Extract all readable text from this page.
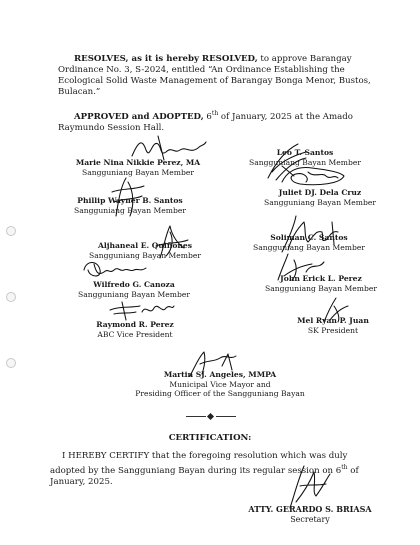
RESOLVES, as it is hereby RESOLVED, to approve Barangay
Ordinance No. 3, S-2024, entitled “An Ordinance Establishing the
Ecological Solid Waste Management of Barangay Bonga Menor, Bustos,
Bulacan.”
APPROVED and ADOPTED, 6th of January, 2025 at the Amado
Raymundo Session Hall.
Marie Nina Nikkie Perez, MA
Sangguniang Bayan Member
Phillip Wayner B. Santos
Sangguniang Bayan Member
Aljhaneal E. Quiñones
Sangguniang Bayan Member
Wilfredo G. Canoza
Sangguniang Bayan Member
Raymond R. Perez
ABC Vice President
Leo T. Santos
Sangguniang Bayan Member
Juliet DJ. Dela Cruz
Sangguniang Bayan Member
Soliman C. Santos
Sangguniang Bayan Member
John Erick L. Perez
Sangguniang Bayan Member
Mel Ryan P. Juan
SK President
Martin SJ. Angeles, MMPA
Municipal Vice Mayor and
Presiding Officer of the Sangguniang Bayan
CERTIFICATION:
I HEREBY CERTIFY that the foregoing resolution which was duly
adopted by the Sangguniang Bayan during its regular session on 6th of
January, 2025.
ATTY. GERARDO S. BRIASA
Secretary
